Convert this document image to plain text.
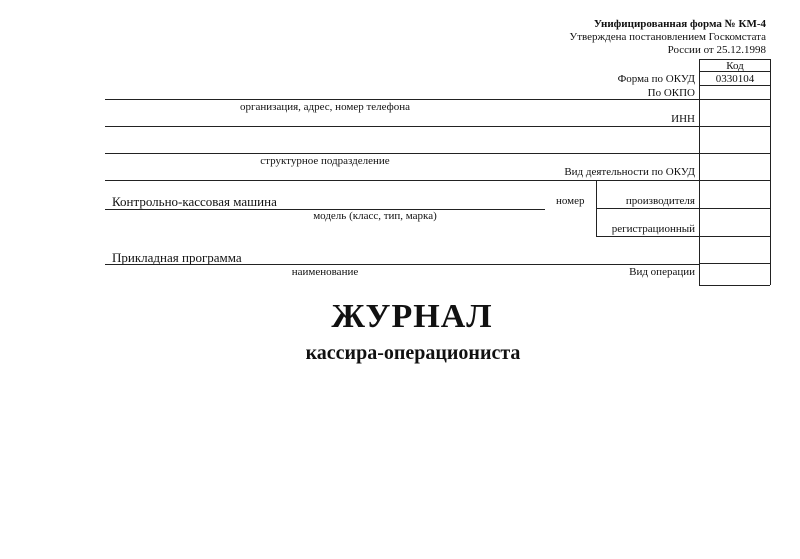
Унифицированная форма № КМ-4
Утверждена постановлением Госкомстата
России от 25.12.1998
Код
Форма по ОКУД	0330104
По ОКПО
ИНН
Вид деятельности по ОКУД
организация, адрес, номер телефона
структурное подразделение
Контрольно-кассовая машина
модель (класс, тип, марка)
номер	производителя
регистрационный
Прикладная программа
наименование	Вид операции
ЖУРНАЛ
кассира-операциониста
